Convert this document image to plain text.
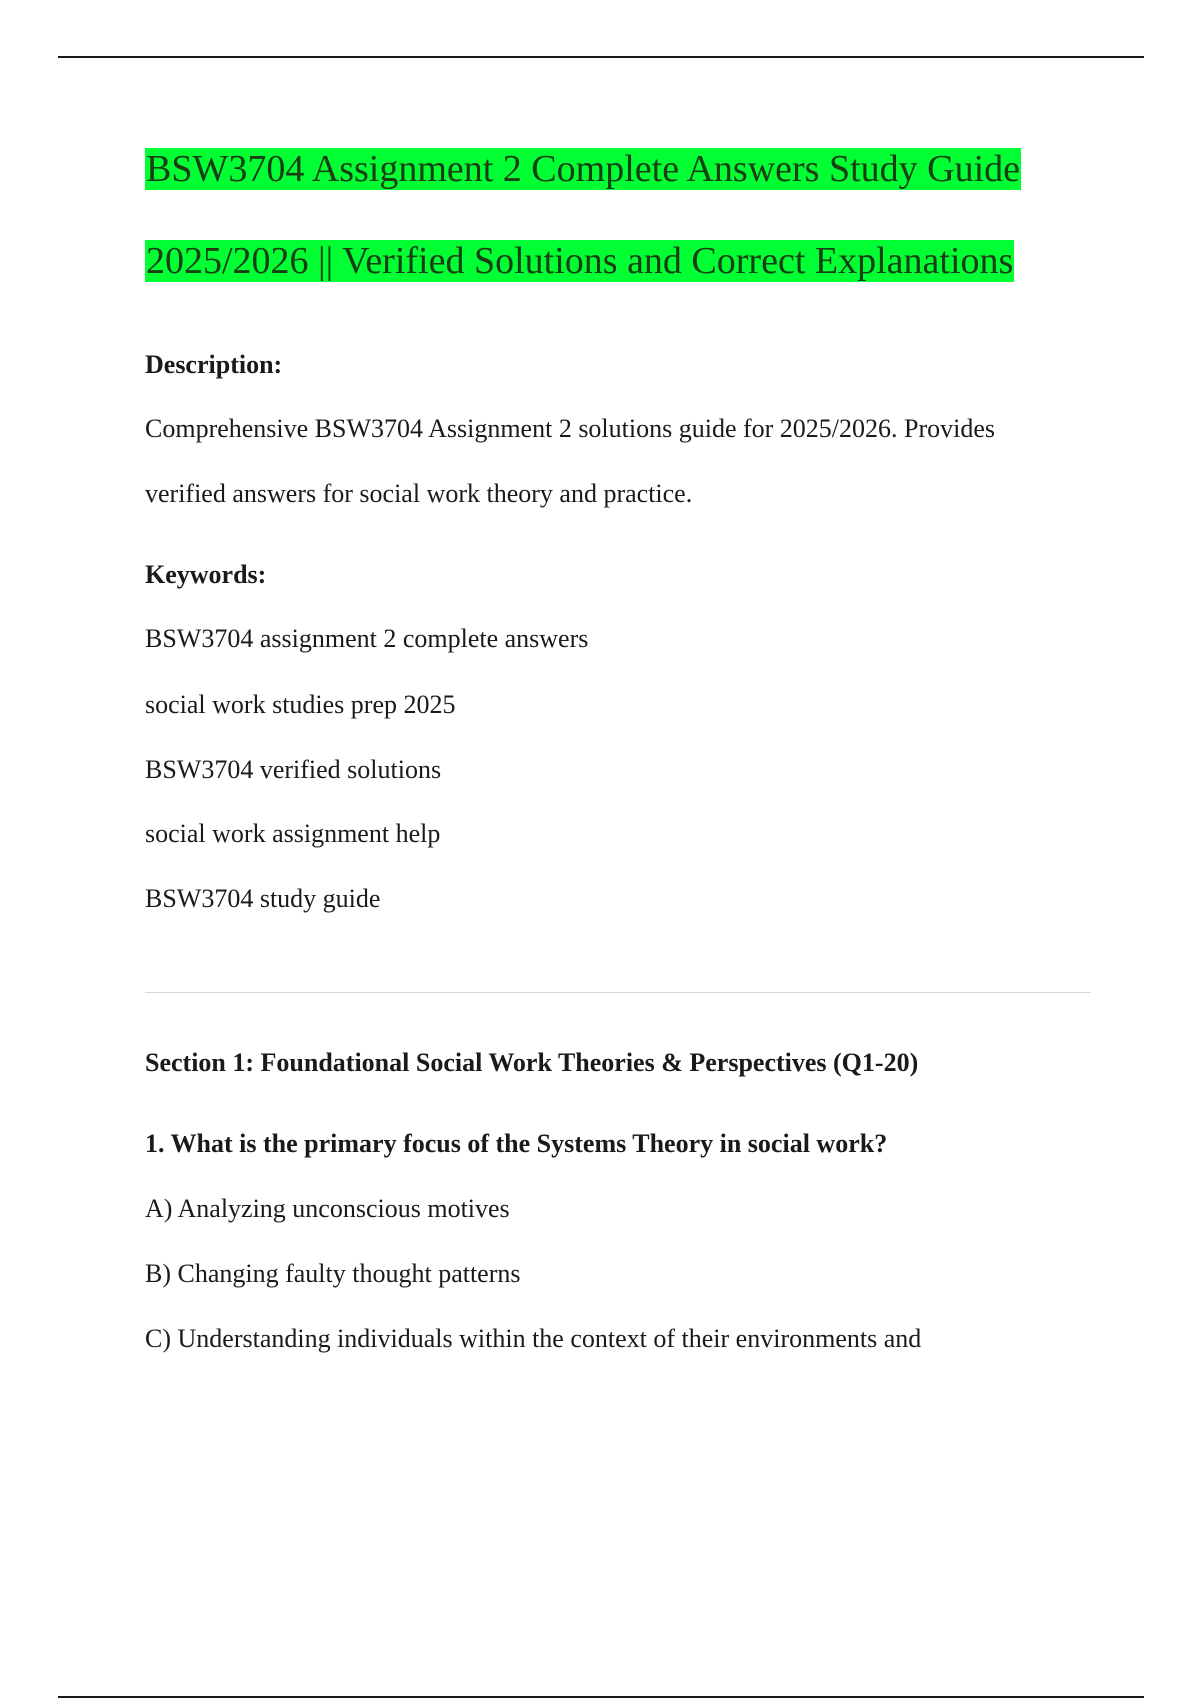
BSW3704 Assignment 2 Complete Answers Study Guide
2025/2026 || Verified Solutions and Correct Explanations
Description:
Comprehensive BSW3704 Assignment 2 solutions guide for 2025/2026. Provides
verified answers for social work theory and practice.
Keywords:
BSW3704 assignment 2 complete answers
social work studies prep 2025
BSW3704 verified solutions
social work assignment help
BSW3704 study guide
Section 1: Foundational Social Work Theories & Perspectives (Q1-20)
1. What is the primary focus of the Systems Theory in social work?
A) Analyzing unconscious motives
B) Changing faulty thought patterns
C) Understanding individuals within the context of their environments and
